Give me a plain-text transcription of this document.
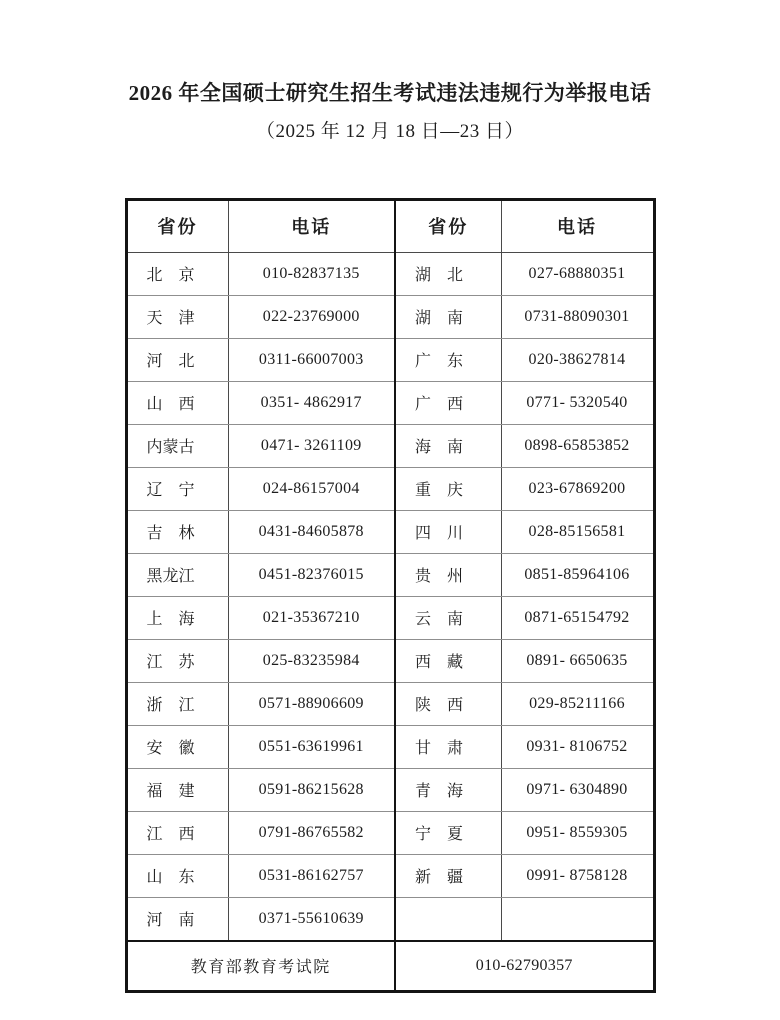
2026 年全国硕士研究生招生考试违法违规行为举报电话
（2025 年 12 月 18 日—23 日）
省份	电话	省份	电话
北　京	010-82837135	湖　北	027-68880351
天　津	022-23769000	湖　南	0731-88090301
河　北	0311-66007003	广　东	020-38627814
山　西	0351- 4862917	广　西	0771- 5320540
内蒙古	0471- 3261109	海　南	0898-65853852
辽　宁	024-86157004	重　庆	023-67869200
吉　林	0431-84605878	四　川	028-85156581
黑龙江	0451-82376015	贵　州	0851-85964106
上　海	021-35367210	云　南	0871-65154792
江　苏	025-83235984	西　藏	0891- 6650635
浙　江	0571-88906609	陕　西	029-85211166
安　徽	0551-63619961	甘　肃	0931- 8106752
福　建	0591-86215628	青　海	0971- 6304890
江　西	0791-86765582	宁　夏	0951- 8559305
山　东	0531-86162757	新　疆	0991- 8758128
河　南	0371-55610639		
教育部教育考试院		010-62790357	
